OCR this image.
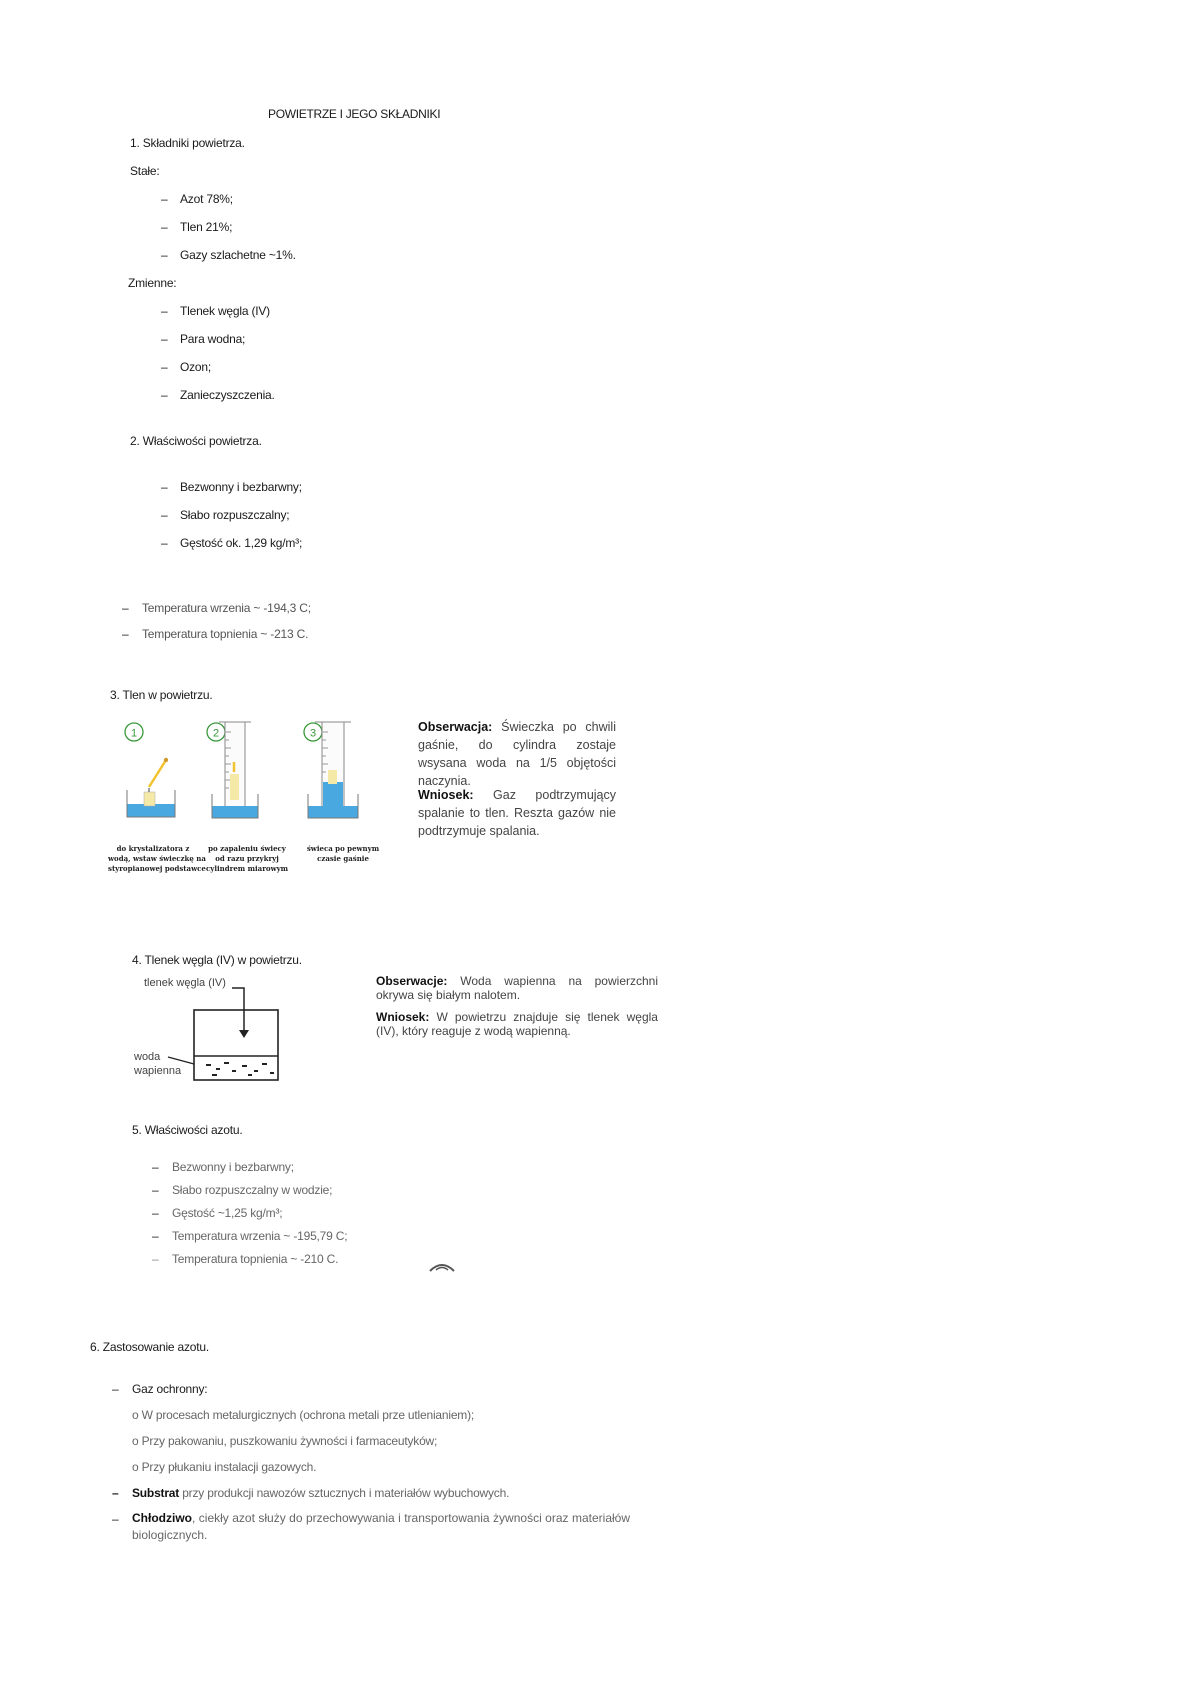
POWIETRZE I JEGO SKŁADNIKI
1. Składniki powietrza.
Stałe:
– Azot 78%;
– Tlen 21%;
– Gazy szlachetne ~1%.
Zmienne:
– Tlenek węgla (IV)
– Para wodna;
– Ozon;
– Zanieczyszczenia.
2. Właściwości powietrza.
– Bezwonny i bezbarwny;
– Słabo rozpuszczalny;
– Gęstość ok. 1,29 kg/m³;
– Temperatura wrzenia ~ -194,3 C;
– Temperatura topnienia ~ -213 C.
3. Tlen w powietrzu.
1	2	3
do krystalizatora z
wodą, wstaw świeczkę na
styropianowej podstawce
po zapaleniu świecy
od razu przykryj
cylindrem miarowym
świeca po pewnym
czasie gaśnie
Obserwacja: Świeczka po chwili gaśnie, do cylindra zostaje wsysana woda na 1/5 objętości naczynia.
Wniosek: Gaz podtrzymujący spalanie to tlen. Reszta gazów nie podtrzymuje spalania.
4. Tlenek węgla (IV) w powietrzu.
tlenek węgla (IV)
woda
wapienna
Obserwacje: Woda wapienna na powierzchni okrywa się białym nalotem.
Wniosek: W powietrzu znajduje się tlenek węgla (IV), który reaguje z wodą wapienną.
5. Właściwości azotu.
– Bezwonny i bezbarwny;
– Słabo rozpuszczalny w wodzie;
– Gęstość ~1,25 kg/m³;
– Temperatura wrzenia ~ -195,79 C;
– Temperatura topnienia ~ -210 C.
6. Zastosowanie azotu.
– Gaz ochronny:
o W procesach metalurgicznych (ochrona metali prze utlenianiem);
o Przy pakowaniu, puszkowaniu żywności i farmaceutyków;
o Przy płukaniu instalacji gazowych.
– Substrat przy produkcji nawozów sztucznych i materiałów wybuchowych.
– Chłodziwo, ciekły azot służy do przechowywania i transportowania żywności oraz materiałów biologicznych.
